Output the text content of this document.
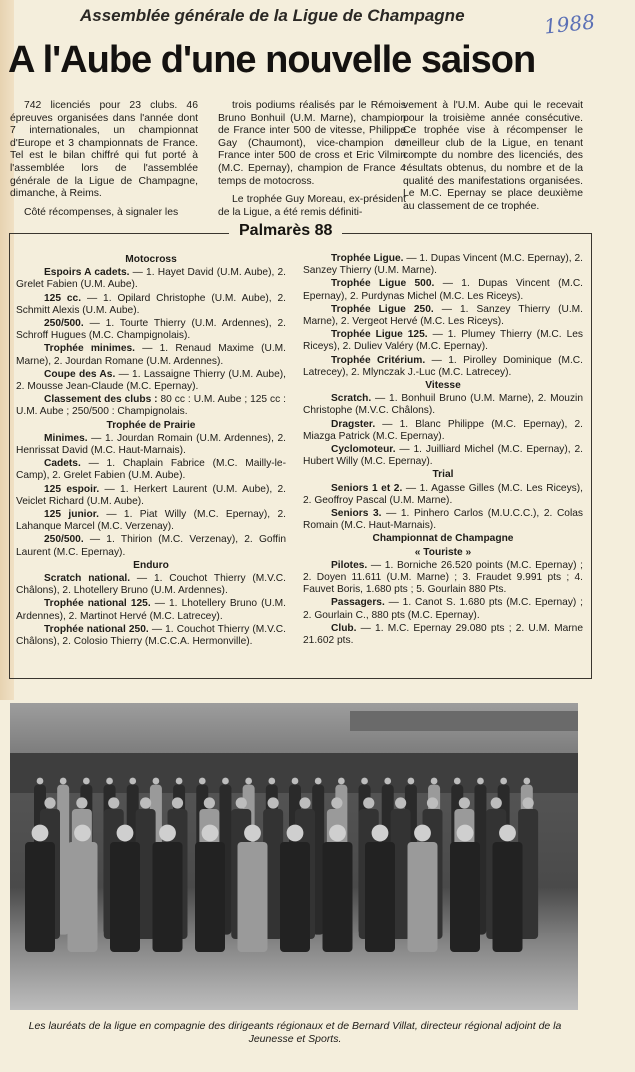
Assemblée générale de la Ligue de Champagne	1988
A l'Aube d'une nouvelle saison

742 licenciés pour 23 clubs. 46 épreuves organisées dans l'année dont 7 internationales, un championnat d'Europe et 3 championnats de France. Tel est le bilan chiffré qui fut porté à l'assemblée lors de l'assemblée générale de la Ligue de Champagne, dimanche, à Reims.

Côté récompenses, à signaler les

trois podiums réalisés par le Rémois Bruno Bonhuil (U.M. Marne), champion de France inter 500 de vitesse, Philippe Gay (Chaumont), vice-champion de France inter 500 de cross et Eric Vilmin (M.C. Epernay), champion de France 4 temps de motocross.

Le trophée Guy Moreau, ex-président de la Ligue, a été remis définiti-

vement à l'U.M. Aube qui le recevait pour la troisième année consécutive. Ce trophée vise à récompenser le meilleur club de la Ligue, en tenant compte du nombre des licenciés, des résultats obtenus, du nombre et de la qualité des manifestations organisées. Le M.C. Epernay se place deuxième au classement de ce trophée.

Palmarès 88
Motocross
Espoirs A cadets. — 1. Hayet David (U.M. Aube), 2. Grelet Fabien (U.M. Aube).
125 cc. — 1. Opilard Christophe (U.M. Aube), 2. Schmitt Alexis (U.M. Aube).
250/500. — 1. Tourte Thierry (U.M. Ardennes), 2. Schroff Hugues (M.C. Champignolais).
Trophée minimes. — 1. Renaud Maxime (U.M. Marne), 2. Jourdan Romane (U.M. Ardennes).
Coupe des As. — 1. Lassaigne Thierry (U.M. Aube), 2. Mousse Jean-Claude (M.C. Epernay).
Classement des clubs : 80 cc : U.M. Aube ; 125 cc : U.M. Aube ; 250/500 : Champignolais.
Trophée de Prairie
Minimes. — 1. Jourdan Romain (U.M. Ardennes), 2. Henrissat David (M.C. Haut-Marnais).
Cadets. — 1. Chaplain Fabrice (M.C. Mailly-le-Camp), 2. Grelet Fabien (U.M. Aube).
125 espoir. — 1. Herkert Laurent (U.M. Aube), 2. Veiclet Richard (U.M. Aube).
125 junior. — 1. Piat Willy (M.C. Epernay), 2. Lahanque Marcel (M.C. Verzenay).
250/500. — 1. Thirion (M.C. Verzenay), 2. Goffin Laurent (M.C. Epernay).
Enduro
Scratch national. — 1. Couchot Thierry (M.V.C. Châlons), 2. Lhotellery Bruno (U.M. Ardennes).
Trophée national 125. — 1. Lhotellery Bruno (U.M. Ardennes), 2. Martinot Hervé (M.C. Latrecey).
Trophée national 250. — 1. Couchot Thierry (M.V.C. Châlons), 2. Colosio Thierry (M.C.C.A. Hermonville).
Trophée Ligue. — 1. Dupas Vincent (M.C. Epernay), 2. Sanzey Thierry (U.M. Marne).
Trophée Ligue 500. — 1. Dupas Vincent (M.C. Epernay), 2. Purdynas Michel (M.C. Les Riceys).
Trophée Ligue 250. — 1. Sanzey Thierry (U.M. Marne), 2. Vergeot Hervé (M.C. Les Riceys).
Trophée Ligue 125. — 1. Plumey Thierry (M.C. Les Riceys), 2. Duliev Valéry (M.C. Epernay).
Trophée Critérium. — 1. Pirolley Dominique (M.C. Latrecey), 2. Mlynczak J.-Luc (M.C. Latrecey).
Vitesse
Scratch. — 1. Bonhuil Bruno (U.M. Marne), 2. Mouzin Christophe (M.V.C. Châlons).
Dragster. — 1. Blanc Philippe (M.C. Epernay), 2. Miazga Patrick (M.C. Epernay).
Cyclomoteur. — 1. Juilliard Michel (M.C. Epernay), 2. Hubert Willy (M.C. Epernay).
Trial
Seniors 1 et 2. — 1. Agasse Gilles (M.C. Les Riceys), 2. Geoffroy Pascal (U.M. Marne).
Seniors 3. — 1. Pinhero Carlos (M.U.C.C.), 2. Colas Romain (M.C. Haut-Marnais).
Championnat de Champagne
« Touriste »
Pilotes. — 1. Borniche 26.520 points (M.C. Epernay) ; 2. Doyen 11.611 (U.M. Marne) ; 3. Fraudet 9.991 pts ; 4. Fauvet Boris, 1.680 pts ; 5. Gourlain 880 Pts.
Passagers. — 1. Canot S. 1.680 pts (M.C. Epernay) ; 2. Gourlain C., 880 pts (M.C. Epernay).
Club. — 1. M.C. Epernay 29.080 pts ; 2. U.M. Marne 21.602 pts.
Les lauréats de la ligue en compagnie des dirigeants régionaux et de Bernard Villat, directeur régional adjoint de la Jeunesse et Sports.
